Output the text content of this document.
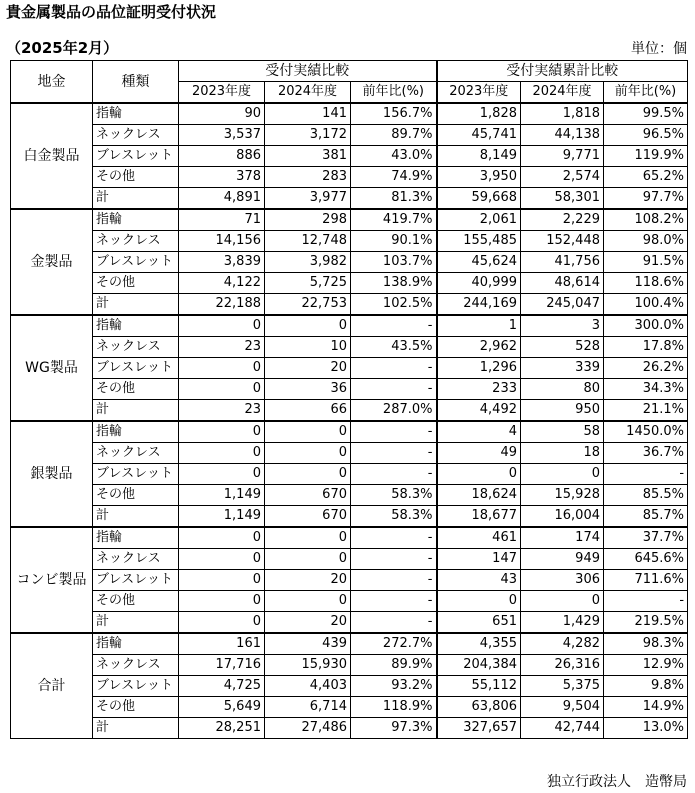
貴金属製品の品位証明受付状況
（2025年2月）	単位：個
地金	種類	受付実績比較			受付実績累計比較		
		2023年度	2024年度	前年比(%)	2023年度	2024年度	前年比(%)
白金製品	指輪	90	141	156.7%	1,828	1,818	99.5%
	ネックレス	3,537	3,172	89.7%	45,741	44,138	96.5%
	ブレスレット	886	381	43.0%	8,149	9,771	119.9%
	その他	378	283	74.9%	3,950	2,574	65.2%
	計	4,891	3,977	81.3%	59,668	58,301	97.7%
金製品	指輪	71	298	419.7%	2,061	2,229	108.2%
	ネックレス	14,156	12,748	90.1%	155,485	152,448	98.0%
	ブレスレット	3,839	3,982	103.7%	45,624	41,756	91.5%
	その他	4,122	5,725	138.9%	40,999	48,614	118.6%
	計	22,188	22,753	102.5%	244,169	245,047	100.4%
WG製品	指輪	0	0	-	1	3	300.0%
	ネックレス	23	10	43.5%	2,962	528	17.8%
	ブレスレット	0	20	-	1,296	339	26.2%
	その他	0	36	-	233	80	34.3%
	計	23	66	287.0%	4,492	950	21.1%
銀製品	指輪	0	0	-	4	58	1450.0%
	ネックレス	0	0	-	49	18	36.7%
	ブレスレット	0	0	-	0	0	-
	その他	1,149	670	58.3%	18,624	15,928	85.5%
	計	1,149	670	58.3%	18,677	16,004	85.7%
コンビ製品	指輪	0	0	-	461	174	37.7%
	ネックレス	0	0	-	147	949	645.6%
	ブレスレット	0	20	-	43	306	711.6%
	その他	0	0	-	0	0	-
	計	0	20	-	651	1,429	219.5%
合計	指輪	161	439	272.7%	4,355	4,282	98.3%
	ネックレス	17,716	15,930	89.9%	204,384	26,316	12.9%
	ブレスレット	4,725	4,403	93.2%	55,112	5,375	9.8%
	その他	5,649	6,714	118.9%	63,806	9,504	14.9%
	計	28,251	27,486	97.3%	327,657	42,744	13.0%
独立行政法人　造幣局
